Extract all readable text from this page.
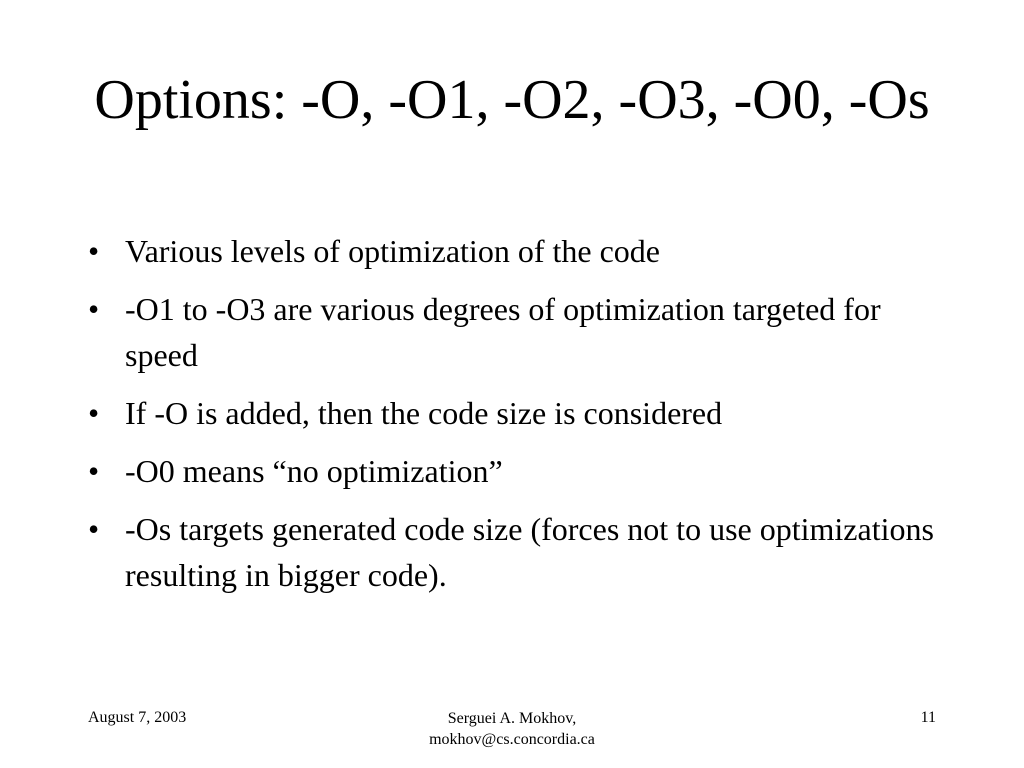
Options: -O, -O1, -O2, -O3, -O0, -Os
• Various levels of optimization of the code
• -O1 to -O3 are various degrees of optimization targeted for speed
• If -O is added, then the code size is considered
• -O0 means “no optimization”
• -Os targets generated code size (forces not to use optimizations resulting in bigger code).
August 7, 2003	Serguei A. Mokhov,
mokhov@cs.concordia.ca
11
